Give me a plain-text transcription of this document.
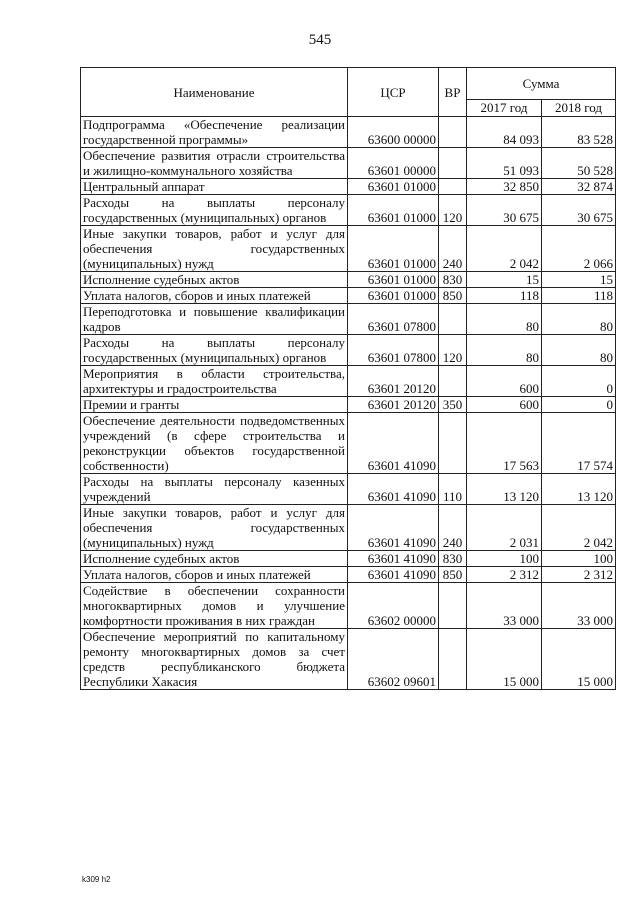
545
Наименование	ЦСР	ВР	Сумма	
			2017 год	2018 год
Подпрограмма «Обеспечение реализации государственной программы»	63600 00000		84 093	83 528
Обеспечение развития отрасли строительства и жилищно-коммунального хозяйства	63601 00000		51 093	50 528
Центральный аппарат	63601 01000		32 850	32 874
Расходы на выплаты персоналу государственных (муниципальных) органов	63601 01000	120	30 675	30 675
Иные закупки товаров, работ и услуг для обеспечения государственных (муниципальных) нужд	63601 01000	240	2 042	2 066
Исполнение судебных актов	63601 01000	830	15	15
Уплата налогов, сборов и иных платежей	63601 01000	850	118	118
Переподготовка и повышение квалификации кадров	63601 07800		80	80
Расходы на выплаты персоналу государственных (муниципальных) органов	63601 07800	120	80	80
Мероприятия в области строительства, архитектуры и градостроительства	63601 20120		600	0
Премии и гранты	63601 20120	350	600	0
Обеспечение деятельности подведомственных учреждений (в сфере строительства и реконструкции объектов государственной собственности)	63601 41090		17 563	17 574
Расходы на выплаты персоналу казенных учреждений	63601 41090	110	13 120	13 120
Иные закупки товаров, работ и услуг для обеспечения государственных (муниципальных) нужд	63601 41090	240	2 031	2 042
Исполнение судебных актов	63601 41090	830	100	100
Уплата налогов, сборов и иных платежей	63601 41090	850	2 312	2 312
Содействие в обеспечении сохранности многоквартирных домов и улучшение комфортности проживания в них граждан	63602 00000		33 000	33 000
Обеспечение мероприятий по капитальному ремонту многоквартирных домов за счет средств республиканского бюджета Республики Хакасия	63602 09601		15 000	15 000
k309 h2
